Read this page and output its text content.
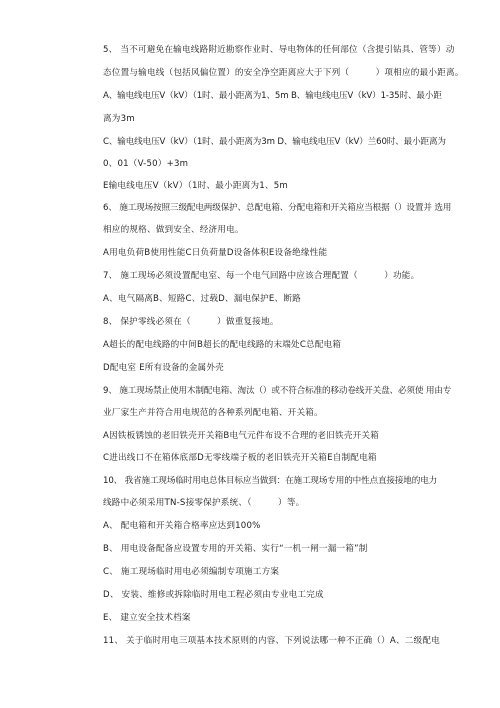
5、 当不可避免在输电线路附近勘察作业时、导电物体的任何部位（含提引钻具、管等）动
态位置与输电线（包括风偏位置）的安全净空距离应大于下列（　　　）项相应的最小距离。
A、输电线电压V（kV）（1时、最小距离为1、5m B、输电线电压V（kV）1-35时、最小距
离为3m
C、输电线电压V（kV）（1时、最小距离为3m D、输电线电压V（kV）兰60时、最小距离为
0、01（V-50）+3m
E输电线电压V（kV）（1时、最小距离为1、5m
6、 施工现场按照三级配电两级保护、总配电箱、分配电箱和开关箱应当根据（）设置并 选用
相应的规格、做到安全、经济用电。
A用电负荷B使用性能C日负荷量D设备体积E设备绝缘性能
7、 施工现场必须设置配电室、每一个电气回路中应该合理配置（　　　）功能。
A、电气隔离B、短路C、过载D、漏电保护E、断路
8、 保护零线必须在（　　　）做重复接地。
A超长的配电线路的中间B超长的配电线路的末端处C总配电箱
D配电室 E所有设备的金属外壳
9、 施工现场禁止使用木制配电箱、淘汰（）或不符合标准的移动卷线开关盘、必须使 用由专
业厂家生产并符合用电规范的各种系列配电箱、开关箱。
A因铁板锈蚀的老旧铁壳开关箱B电气元件布设不合理的老旧铁壳开关箱
C进出线口不在箱体底部D无零线端子板的老旧铁壳开关箱E自制配电箱
10、 我省施工现场临时用电总体目标应当做到：在施工现场专用的中性点直接接地的电力
线路中必须采用TN-S接零保护系统、（　　　）等。
A、 配电箱和开关箱合格率应达到100%
B、 用电设备配备应设置专用的开关箱、实行“一机一闸一漏一箱”制
C、 施工现场临时用电必须编制专项施工方案
D、 安装、维修或拆除临时用电工程必须由专业电工完成
E、 建立安全技术档案
11、 关于临时用电三项基本技术原则的内容、下列说法哪一种不正确（）A、二级配电
